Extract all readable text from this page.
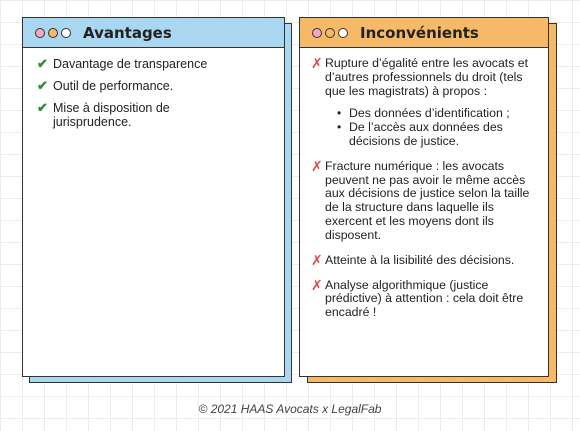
Avantages
✔ Davantage de transparence
✔ Outil de performance.
✔ Mise à disposition de jurisprudence.
Inconvénients
✗ Rupture d’égalité entre les avocats et d’autres professionnels du droit (tels que les magistrats) à propos :
• Des données d’identification ;
• De l’accès aux données des décisions de justice.
✗ Fracture numérique : les avocats peuvent ne pas avoir le même accès aux décisions de justice selon la taille de la structure dans laquelle ils exercent et les moyens dont ils disposent.
✗ Atteinte à la lisibilité des décisions.
✗ Analyse algorithmique (justice prédictive) à attention : cela doit être encadré !
© 2021 HAAS Avocats x LegalFab
